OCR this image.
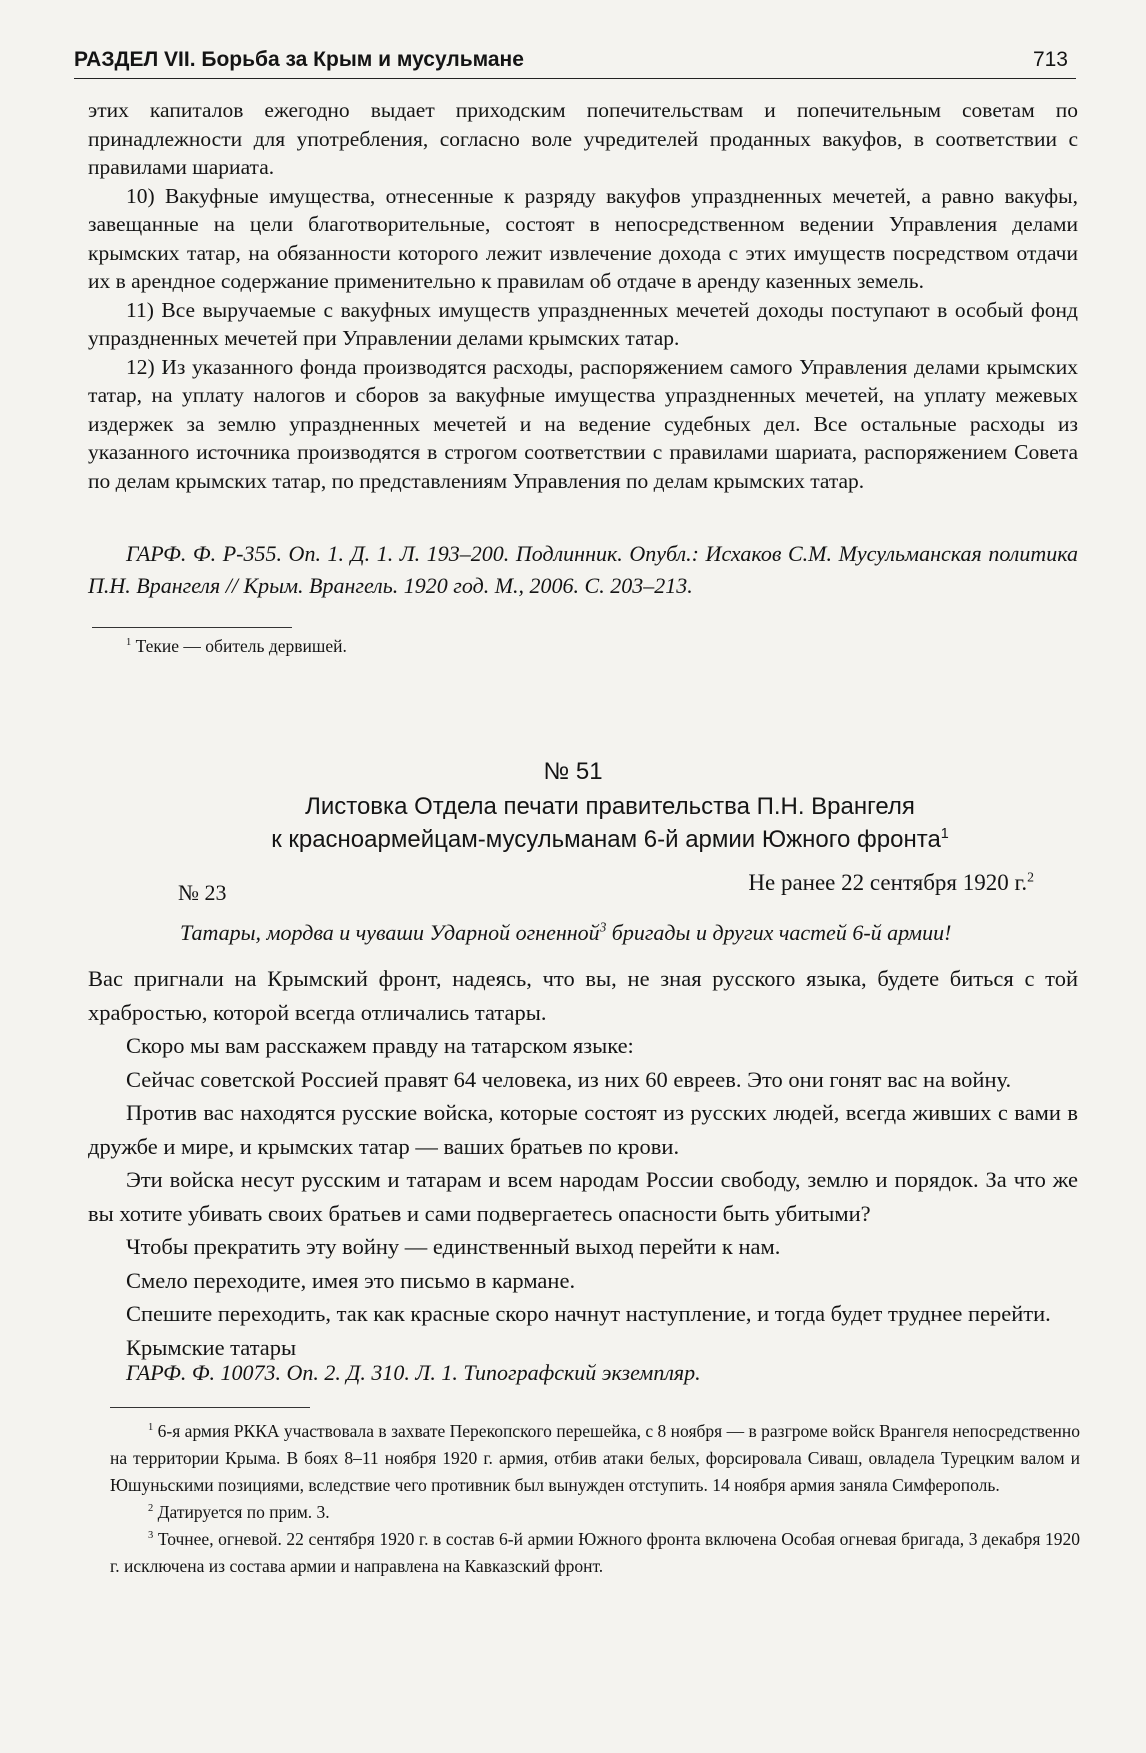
РАЗДЕЛ VII. Борьба за Крым и мусульмане	713

этих капиталов ежегодно выдает приходским попечительствам и попечительным советам по принадлежности для употребления, согласно воле учредителей проданных вакуфов, в соответствии с правилами шариата.

10) Вакуфные имущества, отнесенные к разряду вакуфов упраздненных мечетей, а равно вакуфы, завещанные на цели благотворительные, состоят в непосредственном ведении Управления делами крымских татар, на обязанности которого лежит извлечение дохода с этих имуществ посредством отдачи их в арендное содержание применительно к правилам об отдаче в аренду казенных земель.

11) Все выручаемые с вакуфных имуществ упраздненных мечетей доходы поступают в особый фонд упраздненных мечетей при Управлении делами крымских татар.

12) Из указанного фонда производятся расходы, распоряжением самого Управления делами крымских татар, на уплату налогов и сборов за вакуфные имущества упраздненных мечетей, на уплату межевых издержек за землю упраздненных мечетей и на ведение судебных дел. Все остальные расходы из указанного источника производятся в строгом соответствии с правилами шариата, распоряжением Совета по делам крымских татар, по представлениям Управления по делам крымских татар.

ГАРФ. Ф. Р-355. Оп. 1. Д. 1. Л. 193–200. Подлинник. Опубл.: Исхаков С.М. Мусульманская политика П.Н. Врангеля // Крым. Врангель. 1920 год. М., 2006. С. 203–213.
$^1$ Текие — обитель дервишей.
№ 51
Листовка Отдела печати правительства П.Н. Врангеля
к красноармейцам-мусульманам 6-й армии Южного фронта$^1$
№ 23	Не ранее 22 сентября 1920 г.$^2$
Татары, мордва и чуваши Ударной огненной$^3$ бригады и других частей 6-й армии!

Вас пригнали на Крымский фронт, надеясь, что вы, не зная русского языка, будете биться с той храбростью, которой всегда отличались татары.

Скоро мы вам расскажем правду на татарском языке:

Сейчас советской Россией правят 64 человека, из них 60 евреев. Это они гонят вас на войну.

Против вас находятся русские войска, которые состоят из русских людей, всегда живших с вами в дружбе и мире, и крымских татар — ваших братьев по крови.

Эти войска несут русским и татарам и всем народам России свободу, землю и порядок. За что же вы хотите убивать своих братьев и сами подвергаетесь опасности быть убитыми?

Чтобы прекратить эту войну — единственный выход перейти к нам.

Смело переходите, имея это письмо в кармане.

Спешите переходить, так как красные скоро начнут наступление, и тогда будет труднее перейти.

Крымские татары

ГАРФ. Ф. 10073. Оп. 2. Д. 310. Л. 1. Типографский экземпляр.

$^1$ 6-я армия РККА участвовала в захвате Перекопского перешейка, с 8 ноября — в разгроме войск Врангеля непосредственно на территории Крыма. В боях 8–11 ноября 1920 г. армия, отбив атаки белых, форсировала Сиваш, овладела Турецким валом и Юшуньскими позициями, вследствие чего противник был вынужден отступить. 14 ноября армия заняла Симферополь.

$^2$ Датируется по прим. 3.

$^3$ Точнее, огневой. 22 сентября 1920 г. в состав 6-й армии Южного фронта включена Особая огневая бригада, 3 декабря 1920 г. исключена из состава армии и направлена на Кавказский фронт.
